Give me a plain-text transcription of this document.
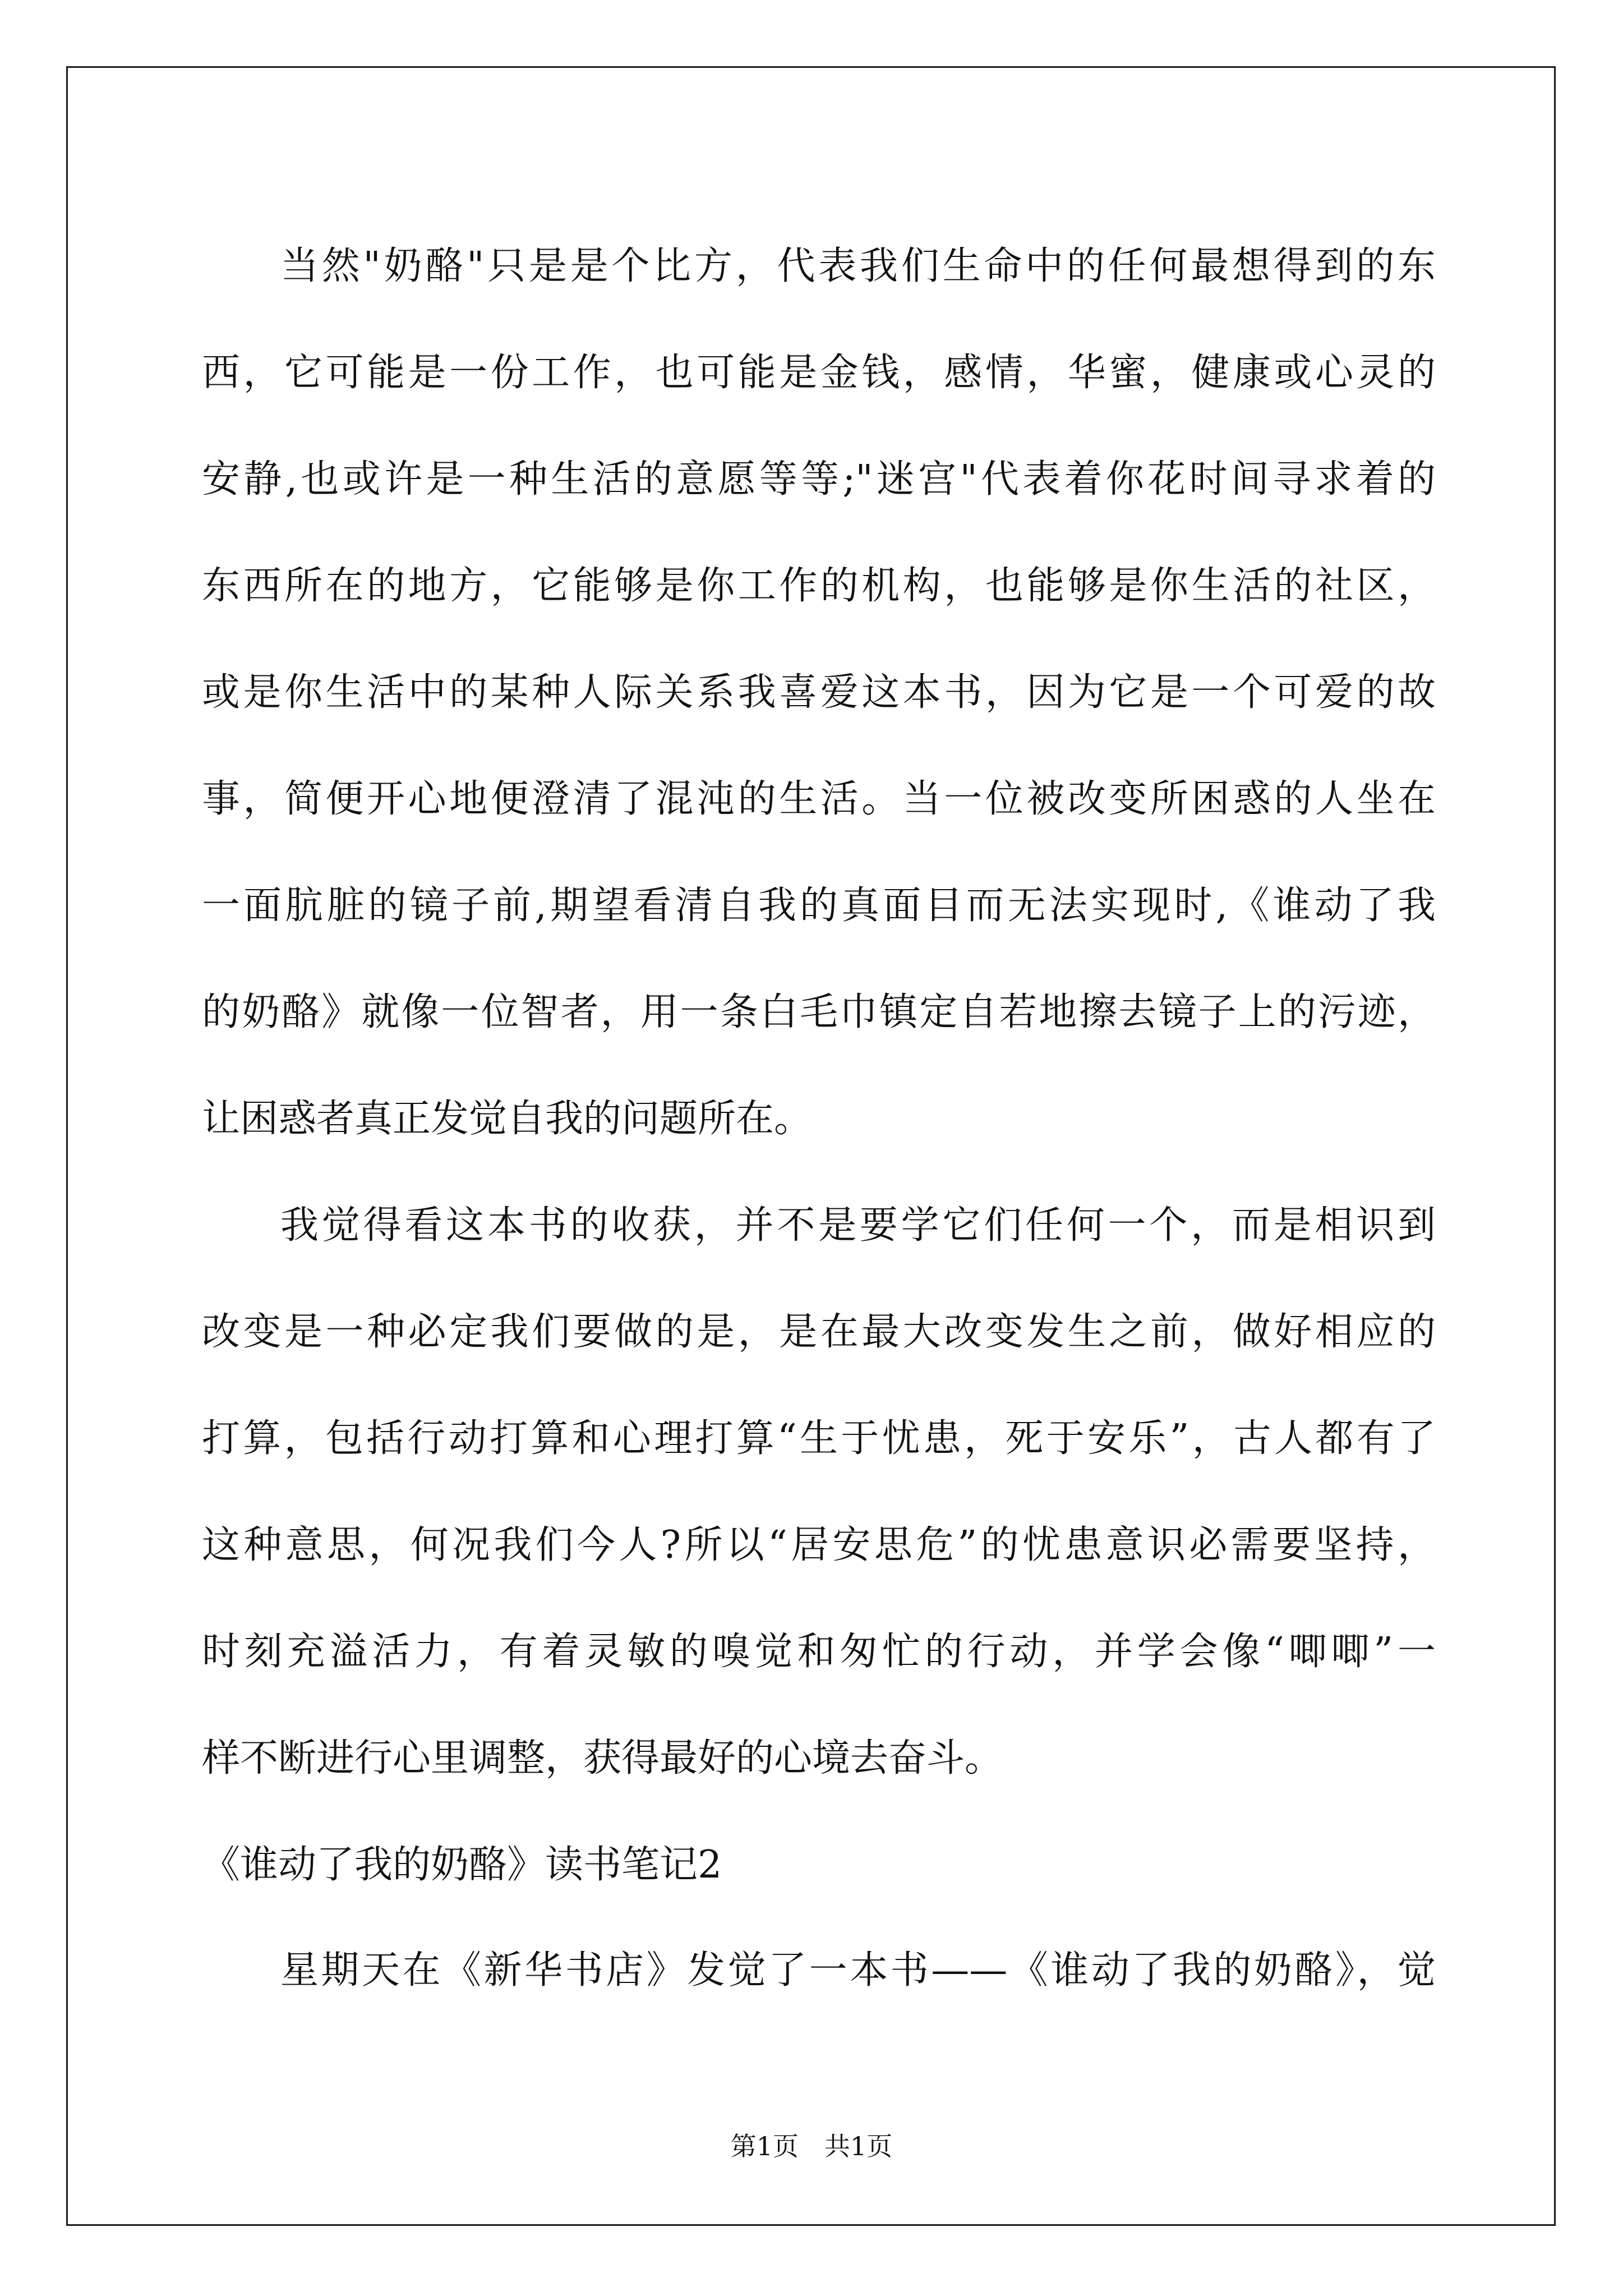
当然"奶酪"只是是个比方，代表我们生命中的任何最想得到的东
西，它可能是一份工作，也可能是金钱，感情，华蜜，健康或心灵的
安静,也或许是一种生活的意愿等等;"迷宫"代表着你花时间寻求着的
东西所在的地方，它能够是你工作的机构，也能够是你生活的社区，
或是你生活中的某种人际关系我喜爱这本书，因为它是一个可爱的故
事，简便开心地便澄清了混沌的生活。当一位被改变所困惑的人坐在
一面肮脏的镜子前,期望看清自我的真面目而无法实现时,《谁动了我
的奶酪》就像一位智者，用一条白毛巾镇定自若地擦去镜子上的污迹，
让困惑者真正发觉自我的问题所在。
我觉得看这本书的收获，并不是要学它们任何一个，而是相识到
改变是一种必定我们要做的是，是在最大改变发生之前，做好相应的
打算，包括行动打算和心理打算“生于忧患，死于安乐”，古人都有了
这种意思，何况我们今人?所以“居安思危”的忧患意识必需要坚持，
时刻充溢活力，有着灵敏的嗅觉和匆忙的行动，并学会像“唧唧”一
样不断进行心里调整，获得最好的心境去奋斗。
《谁动了我的奶酪》读书笔记2
星期天在《新华书店》发觉了一本书——《谁动了我的奶酪》，觉
第1页　共1页
